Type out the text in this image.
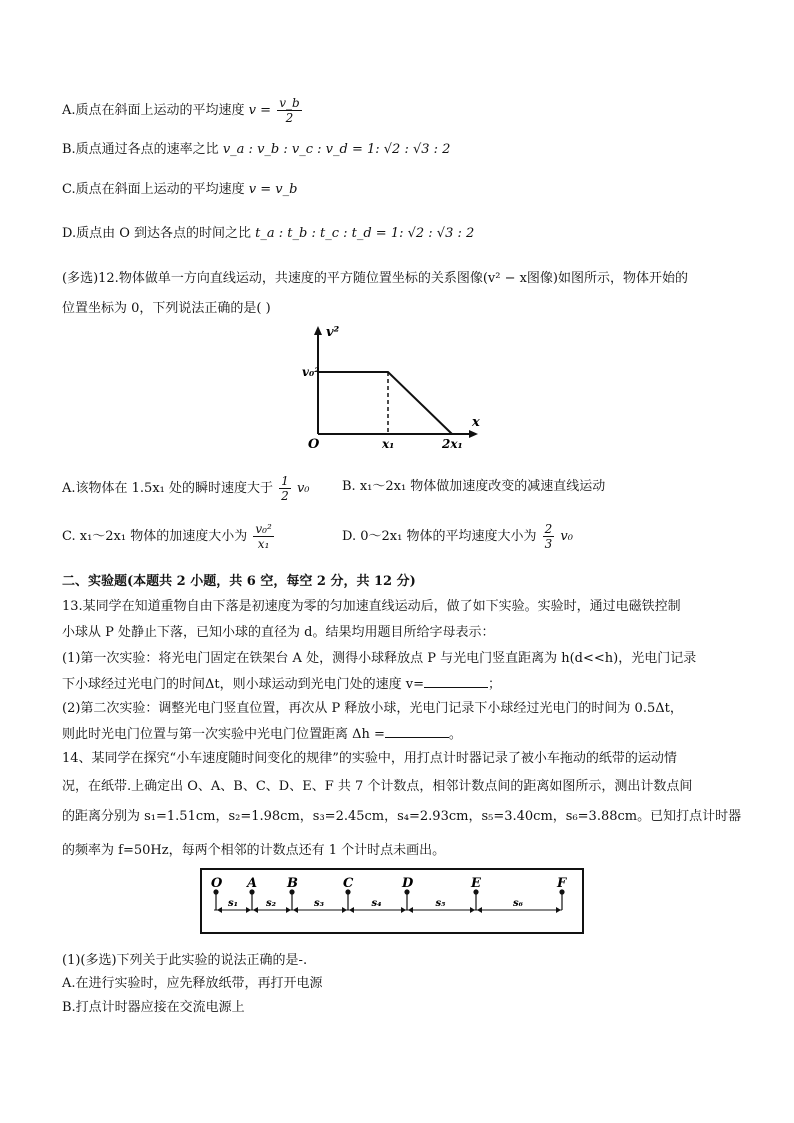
A.质点在斜面上运动的平均速度 $v = \frac{v\_b}{2}$
B.质点通过各点的速率之比 v_a : v_b : v_c : v_d = 1: √2 : √3 : 2
C.质点在斜面上运动的平均速度 v = v_b
D.质点由 O 到达各点的时间之比 t_a : t_b : t_c : t_d = 1: √2 : √3 : 2
(多选)12.物体做单一方向直线运动，共速度的平方随位置坐标的关系图像(v² − x图像)如图所示，物体开始的
位置坐标为 0，下列说法正确的是( )
v²
x
v₀²
O	x₁	2x₁
A.该物体在 1.5x₁ 处的瞬时速度大于 $\frac{1}{2} v_0$	B. x₁～2x₁ 物体做加速度改变的减速直线运动
C. x₁～2x₁ 物体的加速度大小为 $\frac{\text{v₀²}}{\text{x₁}}$	D. 0～2x₁ 物体的平均速度大小为 $\frac{2}{3} v_0$
二、实验题(本题共 2 小题，共 6 空，每空 2 分，共 12 分)
13.某同学在知道重物自由下落是初速度为零的匀加速直线运动后，做了如下实验。实验时，通过电磁铁控制
小球从 P 处静止下落，已知小球的直径为 d。结果均用题目所给字母表示：
(1)第一次实验：将光电门固定在铁架台 A 处，测得小球释放点 P 与光电门竖直距离为 h(d<<h)，光电门记录
下小球经过光电门的时间Δt，则小球运动到光电门处的速度 v=	；
(2)第二次实验：调整光电门竖直位置，再次从 P 释放小球，光电门记录下小球经过光电门的时间为 0.5Δt，
则此时光电门位置与第一次实验中光电门位置距离 Δh =	。
14、某同学在探究“小车速度随时间变化的规律”的实验中，用打点计时器记录了被小车拖动的纸带的运动情
况，在纸带.上确定出 O、A、B、C、D、E、F 共 7 个计数点，相邻计数点间的距离如图所示，测出计数点间
的距离分别为 s₁=1.51cm，s₂=1.98cm，s₃=2.45cm，s₄=2.93cm，s₅=3.40cm，s₆=3.88cm。已知打点计时器
的频率为 f=50Hz，每两个相邻的计数点还有 1 个计时点未画出。
O A B	C	D	E	F
s₁	s₂	s₃	s₄	s₅	s₆
(1)(多选)下列关于此实验的说法正确的是-.
A.在进行实验时，应先释放纸带，再打开电源
B.打点计时器应接在交流电源上
